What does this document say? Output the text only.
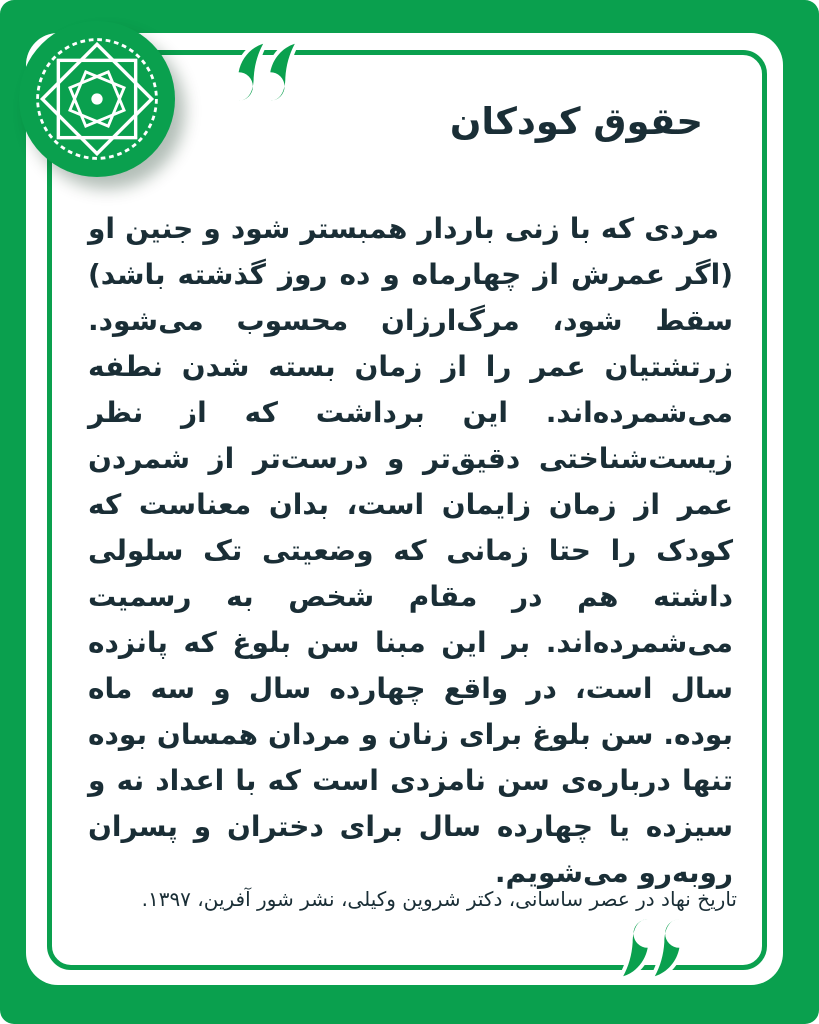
حقوق کودکان

مردی که با زنی باردار همبستر شود و جنین او (اگر عمرش از چهارماه و ده روز گذشته باشد) سقط شود، مرگ‌ارزان محسوب می‌شود. زرتشتیان عمر را از زمان بسته شدن نطفه می‌شمرده‌اند. این برداشت که از نظر زیست‌شناختی دقیق‌تر و درست‌تر از شمردن عمر از زمان زایمان است، بدان معناست که کودک را حتا زمانی که وضعیتی تک سلولی داشته هم در مقام شخص به رسمیت می‌شمرده‌اند. بر این مبنا سن بلوغ که پانزده سال است، در واقع چهارده سال و سه ماه بوده. سن بلوغ برای زنان و مردان همسان بوده تنها درباره‌ی سن نامزدی است که با اعداد نه و سیزده یا چهارده سال برای دختران و پسران روبه‌رو می‌شویم.

تاریخ نهاد در عصر ساسانی، دکتر شروین وکیلی، نشر شور آفرین، ۱۳۹۷.
